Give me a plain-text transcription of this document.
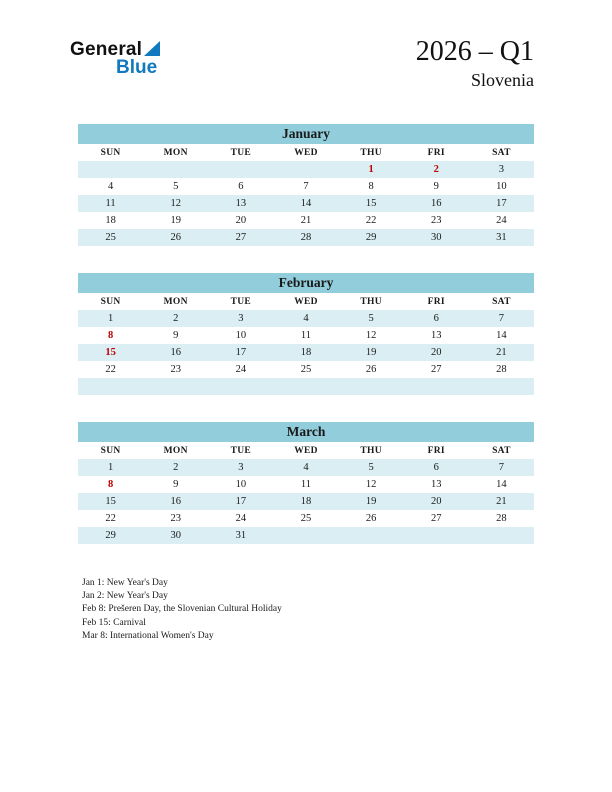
General
Blue
2026 – Q1
Slovenia
January						
SUN	MON	TUE	WED	THU	FRI	SAT
				1	2	3
4	5	6	7	8	9	10
11	12	13	14	15	16	17
18	19	20	21	22	23	24
25	26	27	28	29	30	31
February						
SUN	MON	TUE	WED	THU	FRI	SAT
1	2	3	4	5	6	7
8	9	10	11	12	13	14
15	16	17	18	19	20	21
22	23	24	25	26	27	28

March						
SUN	MON	TUE	WED	THU	FRI	SAT
1	2	3	4	5	6	7
8	9	10	11	12	13	14
15	16	17	18	19	20	21
22	23	24	25	26	27	28
29	30	31				
Jan 1: New Year's Day
Jan 2: New Year's Day
Feb 8: Prešeren Day, the Slovenian Cultural Holiday
Feb 15: Carnival
Mar 8: International Women's Day
